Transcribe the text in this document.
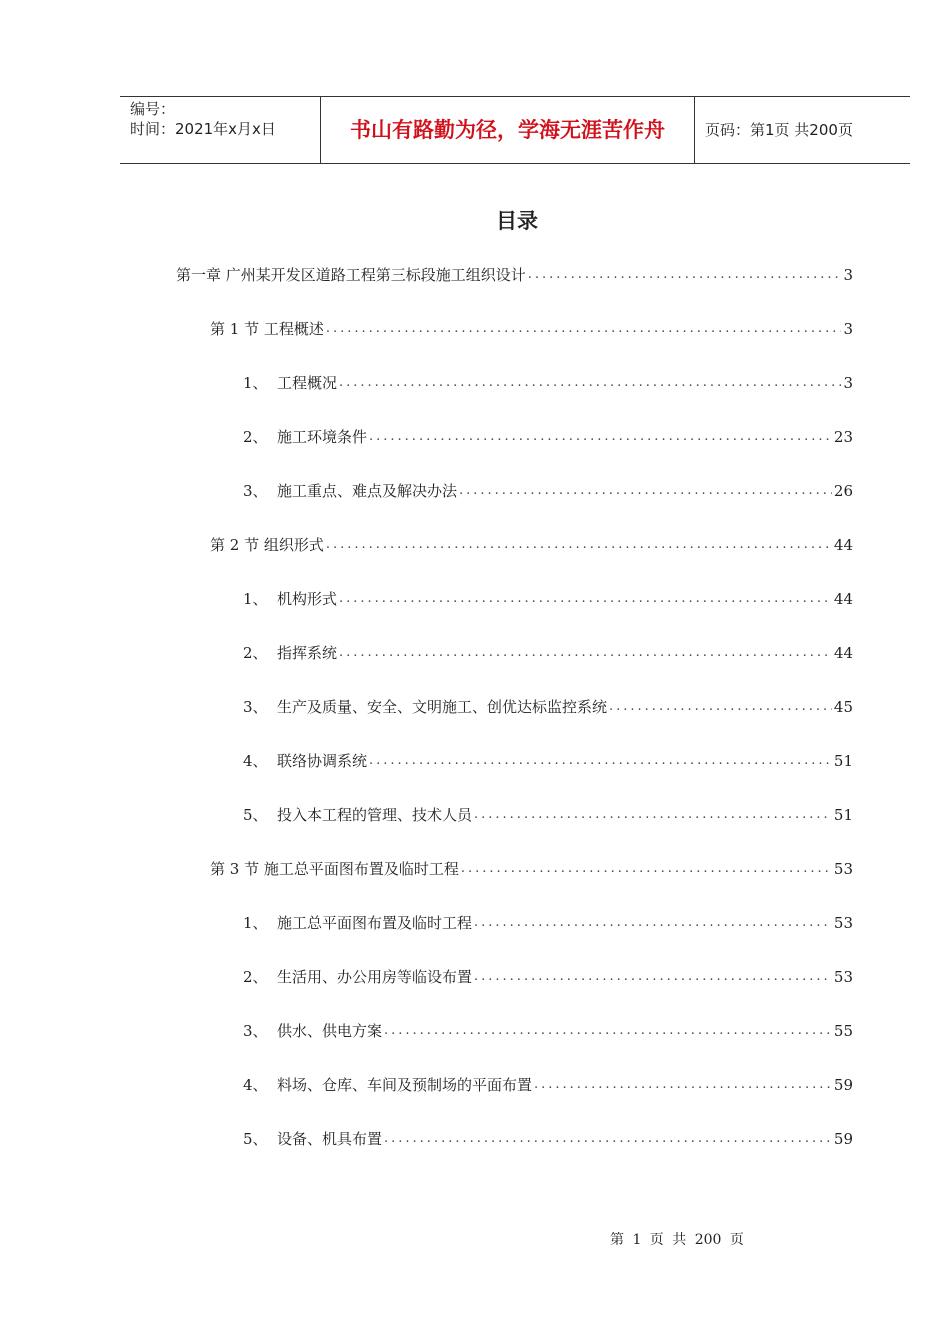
编号：
时间：2021年x月x日	书山有路勤为径，学海无涯苦作舟	页码：第1页 共200页
目录
第一章 广州某开发区道路工程第三标段施工组织设计 .....	3
第 1 节 工程概述 .....	3
1、 工程概况 .....	3
2、 施工环境条件 .....	23
3、 施工重点、难点及解决办法 .....	26
第 2 节 组织形式 .....	44
1、 机构形式 .....	44
2、 指挥系统 .....	44
3、 生产及质量、安全、文明施工、创优达标监控系统 .....	45
4、 联络协调系统 .....	51
5、 投入本工程的管理、技术人员 .....	51
第 3 节 施工总平面图布置及临时工程 .....	53
1、 施工总平面图布置及临时工程 .....	53
2、 生活用、办公用房等临设布置 .....	53
3、 供水、供电方案 .....	55
4、 料场、仓库、车间及预制场的平面布置 .....	59
5、 设备、机具布置 .....	59
第 1 页 共 200 页
